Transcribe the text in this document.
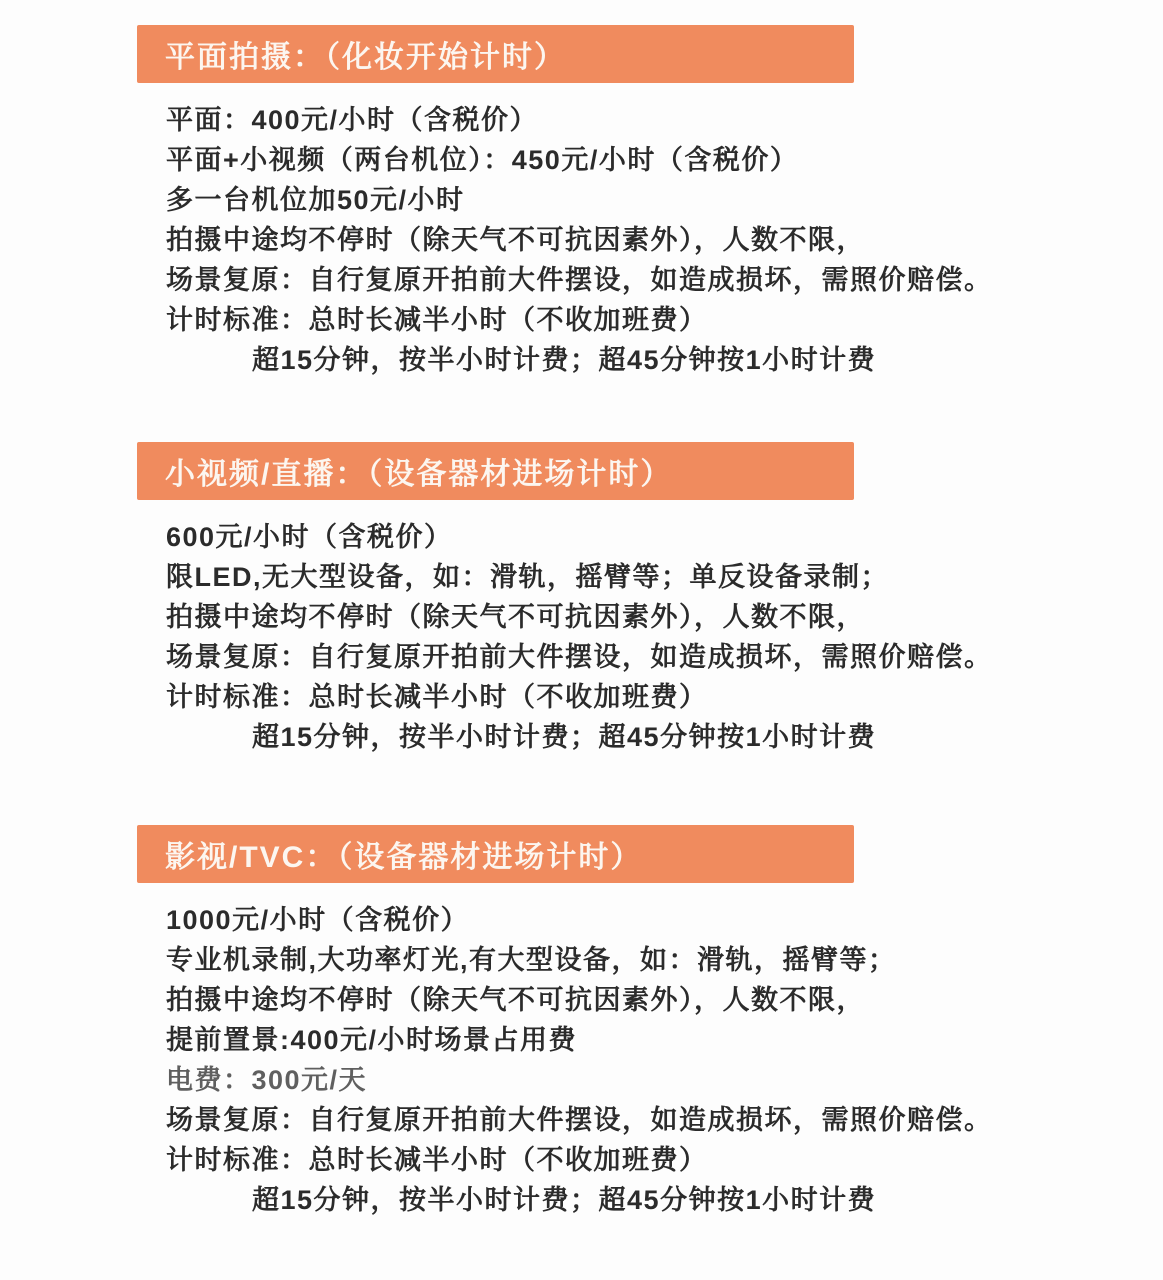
平面拍摄：（化妆开始计时）
平面：400元/小时（含税价）
平面+小视频（两台机位）：450元/小时（含税价）
多一台机位加50元/小时
拍摄中途均不停时（除天气不可抗因素外），人数不限，
场景复原：自行复原开拍前大件摆设，如造成损坏，需照价赔偿。
计时标准：总时长减半小时（不收加班费）
超15分钟，按半小时计费；超45分钟按1小时计费
小视频/直播：（设备器材进场计时）
600元/小时（含税价）
限LED,无大型设备，如：滑轨，摇臂等；单反设备录制；
拍摄中途均不停时（除天气不可抗因素外），人数不限，
场景复原：自行复原开拍前大件摆设，如造成损坏，需照价赔偿。
计时标准：总时长减半小时（不收加班费）
超15分钟，按半小时计费；超45分钟按1小时计费
影视/TVC：（设备器材进场计时）
1000元/小时（含税价）
专业机录制,大功率灯光,有大型设备，如：滑轨，摇臂等；
拍摄中途均不停时（除天气不可抗因素外），人数不限，
提前置景:400元/小时场景占用费
电费：300元/天
场景复原：自行复原开拍前大件摆设，如造成损坏，需照价赔偿。
计时标准：总时长减半小时（不收加班费）
超15分钟，按半小时计费；超45分钟按1小时计费
